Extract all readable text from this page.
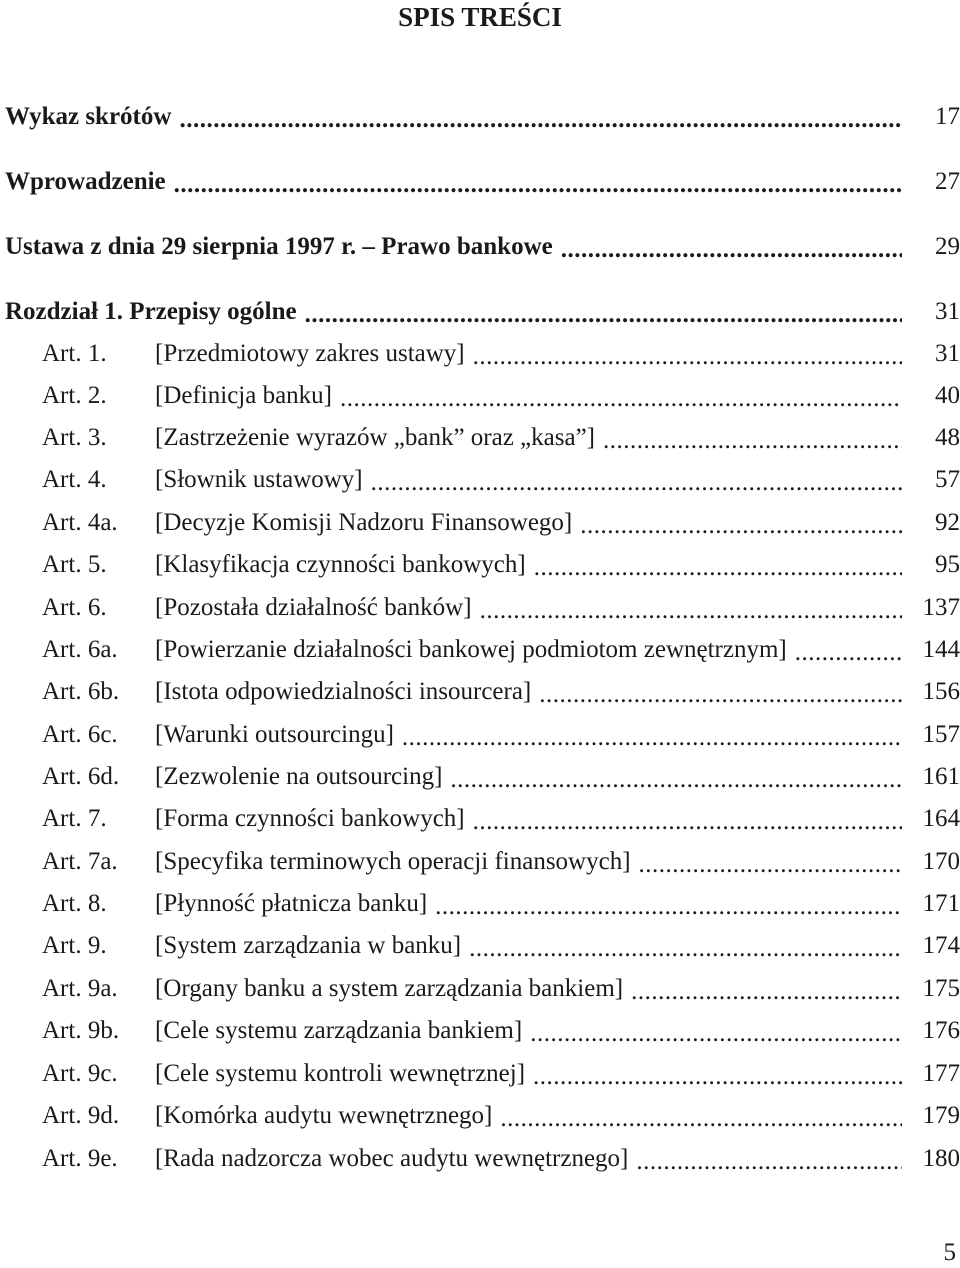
SPIS TREŚCI
Wykaz skrótów .....	17
Wprowadzenie .....	27
Ustawa z dnia 29 sierpnia 1997 r. – Prawo bankowe .....	29
Rozdział 1. Przepisy ogólne .....	31
Art. 1.	[Przedmiotowy zakres ustawy] .....	31
Art. 2.	[Definicja banku] .....	40
Art. 3.	[Zastrzeżenie wyrazów „bank” oraz „kasa”] .....	48
Art. 4.	[Słownik ustawowy] .....	57
Art. 4a.	[Decyzje Komisji Nadzoru Finansowego] .....	92
Art. 5.	[Klasyfikacja czynności bankowych] .....	95
Art. 6.	[Pozostała działalność banków] .....	137
Art. 6a.	[Powierzanie działalności bankowej podmiotom zewnętrznym] .....	144
Art. 6b.	[Istota odpowiedzialności insourcera] .....	156
Art. 6c.	[Warunki outsourcingu] .....	157
Art. 6d.	[Zezwolenie na outsourcing] .....	161
Art. 7.	[Forma czynności bankowych] .....	164
Art. 7a.	[Specyfika terminowych operacji finansowych] .....	170
Art. 8.	[Płynność płatnicza banku] .....	171
Art. 9.	[System zarządzania w banku] .....	174
Art. 9a.	[Organy banku a system zarządzania bankiem] .....	175
Art. 9b.	[Cele systemu zarządzania bankiem] .....	176
Art. 9c.	[Cele systemu kontroli wewnętrznej] .....	177
Art. 9d.	[Komórka audytu wewnętrznego] .....	179
Art. 9e.	[Rada nadzorcza wobec audytu wewnętrznego] .....	180
5
